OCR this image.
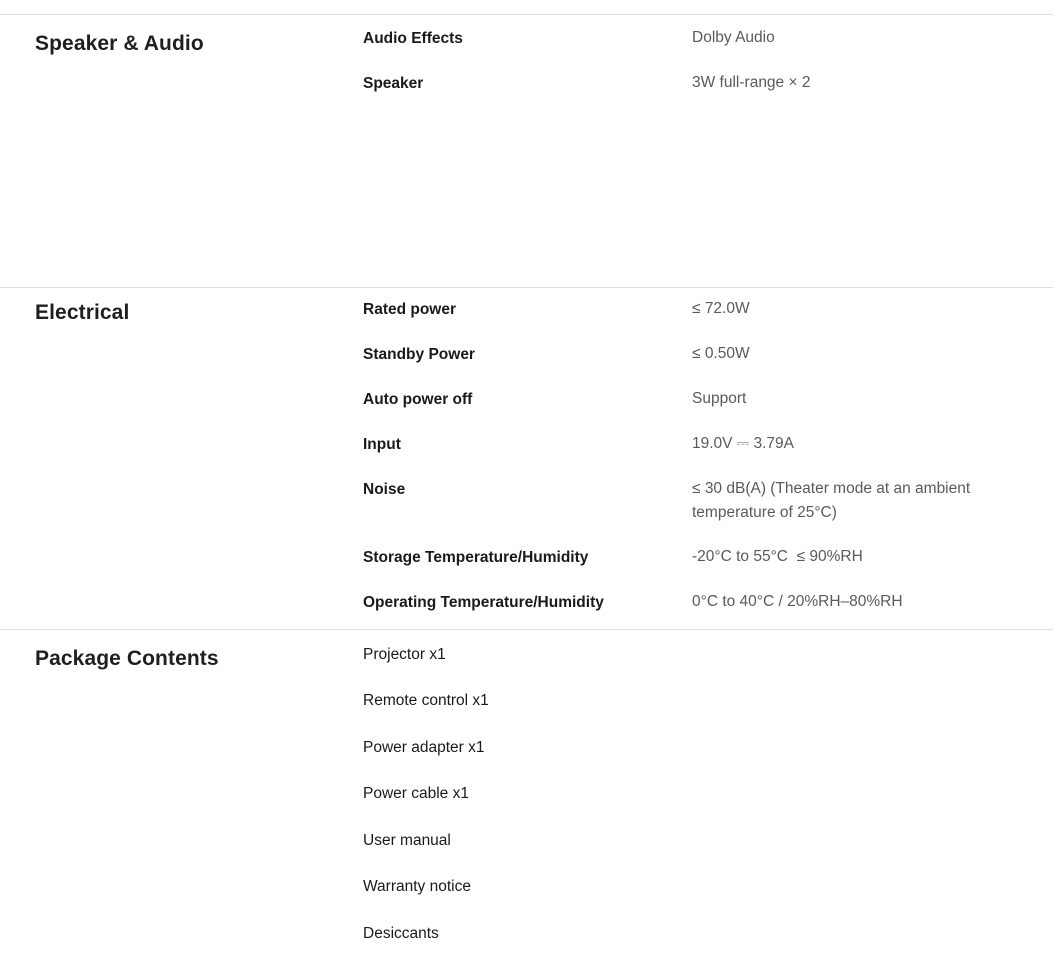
Speaker & Audio	Audio Effects	Dolby Audio
Speaker	3W full-range × 2
Electrical	Rated power	≤ 72.0W
Standby Power	≤ 0.50W
Auto power off	Support
Input	19.0V ⎓ 3.79A
Noise	≤ 30 dB(A) (Theater mode at an ambient temperature of 25°C)
Storage Temperature/Humidity	-20°C to 55°C  ≤ 90%RH
Operating Temperature/Humidity	0°C to 40°C / 20%RH–80%RH
Package Contents	Projector x1
Remote control x1
Power adapter x1
Power cable x1
User manual
Warranty notice
Desiccants
